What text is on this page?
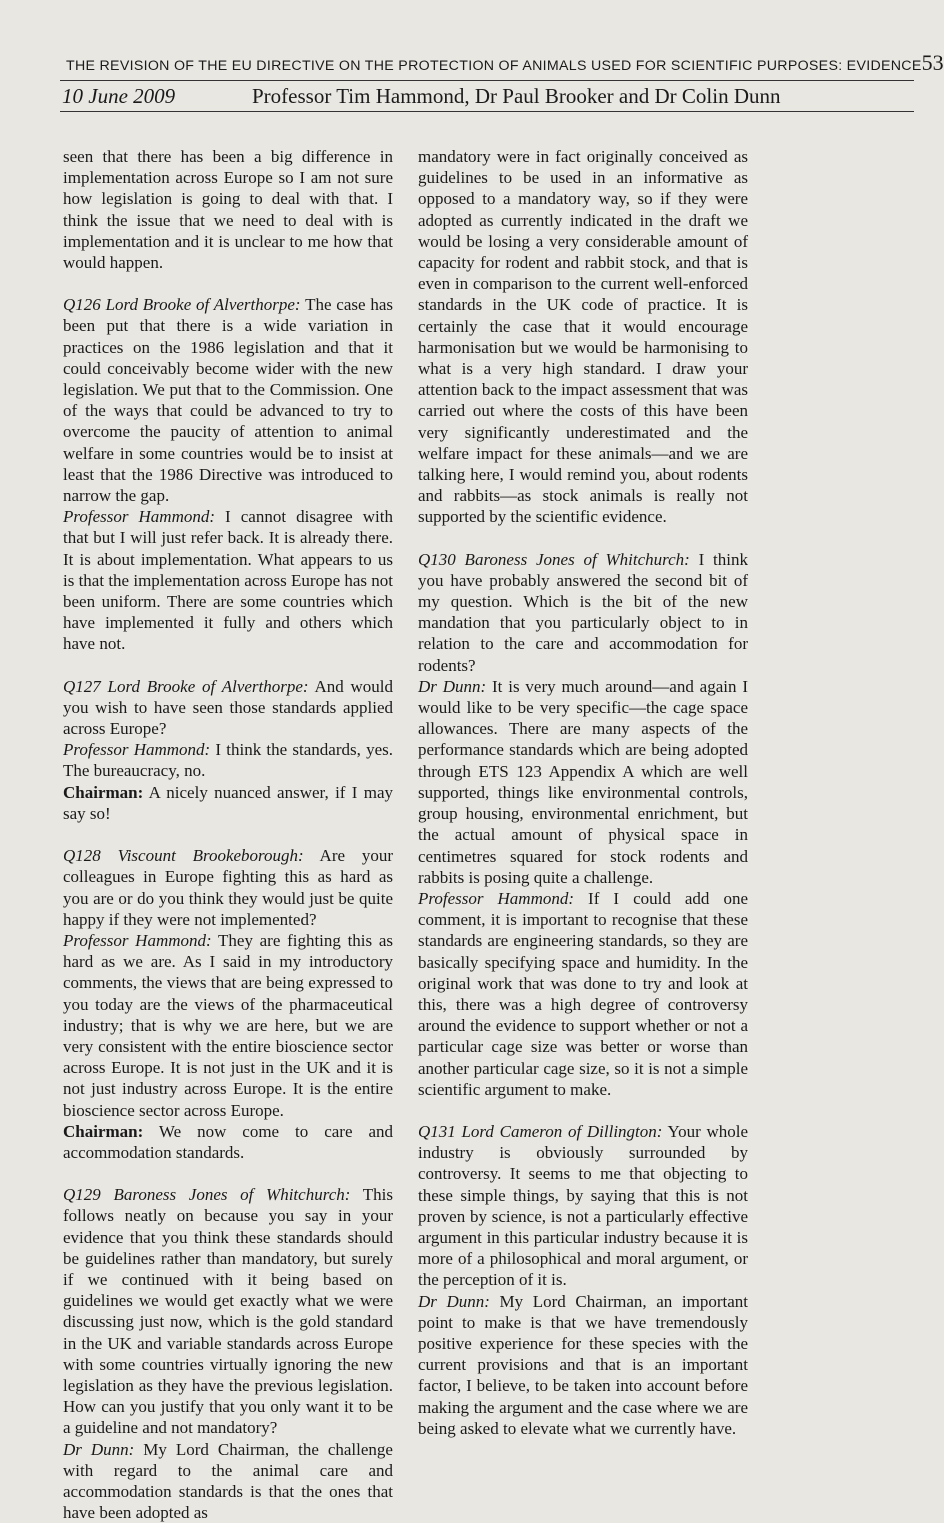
THE REVISION OF THE EU DIRECTIVE ON THE PROTECTION OF ANIMALS USED FOR SCIENTIFIC PURPOSES: EVIDENCE 53
10 June 2009	Professor Tim Hammond, Dr Paul Brooker and Dr Colin Dunn

seen that there has been a big difference in implementation across Europe so I am not sure how legislation is going to deal with that. I think the issue that we need to deal with is implementation and it is unclear to me how that would happen.

Q126 Lord Brooke of Alverthorpe: The case has been put that there is a wide variation in practices on the 1986 legislation and that it could conceivably become wider with the new legislation. We put that to the Commission. One of the ways that could be advanced to try to overcome the paucity of attention to animal welfare in some countries would be to insist at least that the 1986 Directive was introduced to narrow the gap.

Professor Hammond: I cannot disagree with that but I will just refer back. It is already there. It is about implementation. What appears to us is that the implementation across Europe has not been uniform. There are some countries which have implemented it fully and others which have not.

Q127 Lord Brooke of Alverthorpe: And would you wish to have seen those standards applied across Europe?

Professor Hammond: I think the standards, yes. The bureaucracy, no.

Chairman: A nicely nuanced answer, if I may say so!

Q128 Viscount Brookeborough: Are your colleagues in Europe fighting this as hard as you are or do you think they would just be quite happy if they were not implemented?

Professor Hammond: They are fighting this as hard as we are. As I said in my introductory comments, the views that are being expressed to you today are the views of the pharmaceutical industry; that is why we are here, but we are very consistent with the entire bioscience sector across Europe. It is not just in the UK and it is not just industry across Europe. It is the entire bioscience sector across Europe.

Chairman: We now come to care and accommodation standards.

Q129 Baroness Jones of Whitchurch: This follows neatly on because you say in your evidence that you think these standards should be guidelines rather than mandatory, but surely if we continued with it being based on guidelines we would get exactly what we were discussing just now, which is the gold standard in the UK and variable standards across Europe with some countries virtually ignoring the new legislation as they have the previous legislation. How can you justify that you only want it to be a guideline and not mandatory?

Dr Dunn: My Lord Chairman, the challenge with regard to the animal care and accommodation standards is that the ones that have been adopted as

mandatory were in fact originally conceived as guidelines to be used in an informative as opposed to a mandatory way, so if they were adopted as currently indicated in the draft we would be losing a very considerable amount of capacity for rodent and rabbit stock, and that is even in comparison to the current well-enforced standards in the UK code of practice. It is certainly the case that it would encourage harmonisation but we would be harmonising to what is a very high standard. I draw your attention back to the impact assessment that was carried out where the costs of this have been very significantly underestimated and the welfare impact for these animals—and we are talking here, I would remind you, about rodents and rabbits—as stock animals is really not supported by the scientific evidence.

Q130 Baroness Jones of Whitchurch: I think you have probably answered the second bit of my question. Which is the bit of the new mandation that you particularly object to in relation to the care and accommodation for rodents?

Dr Dunn: It is very much around—and again I would like to be very specific—the cage space allowances. There are many aspects of the performance standards which are being adopted through ETS 123 Appendix A which are well supported, things like environmental controls, group housing, environmental enrichment, but the actual amount of physical space in centimetres squared for stock rodents and rabbits is posing quite a challenge.

Professor Hammond: If I could add one comment, it is important to recognise that these standards are engineering standards, so they are basically specifying space and humidity. In the original work that was done to try and look at this, there was a high degree of controversy around the evidence to support whether or not a particular cage size was better or worse than another particular cage size, so it is not a simple scientific argument to make.

Q131 Lord Cameron of Dillington: Your whole industry is obviously surrounded by controversy. It seems to me that objecting to these simple things, by saying that this is not proven by science, is not a particularly effective argument in this particular industry because it is more of a philosophical and moral argument, or the perception of it is.

Dr Dunn: My Lord Chairman, an important point to make is that we have tremendously positive experience for these species with the current provisions and that is an important factor, I believe, to be taken into account before making the argument and the case where we are being asked to elevate what we currently have.
